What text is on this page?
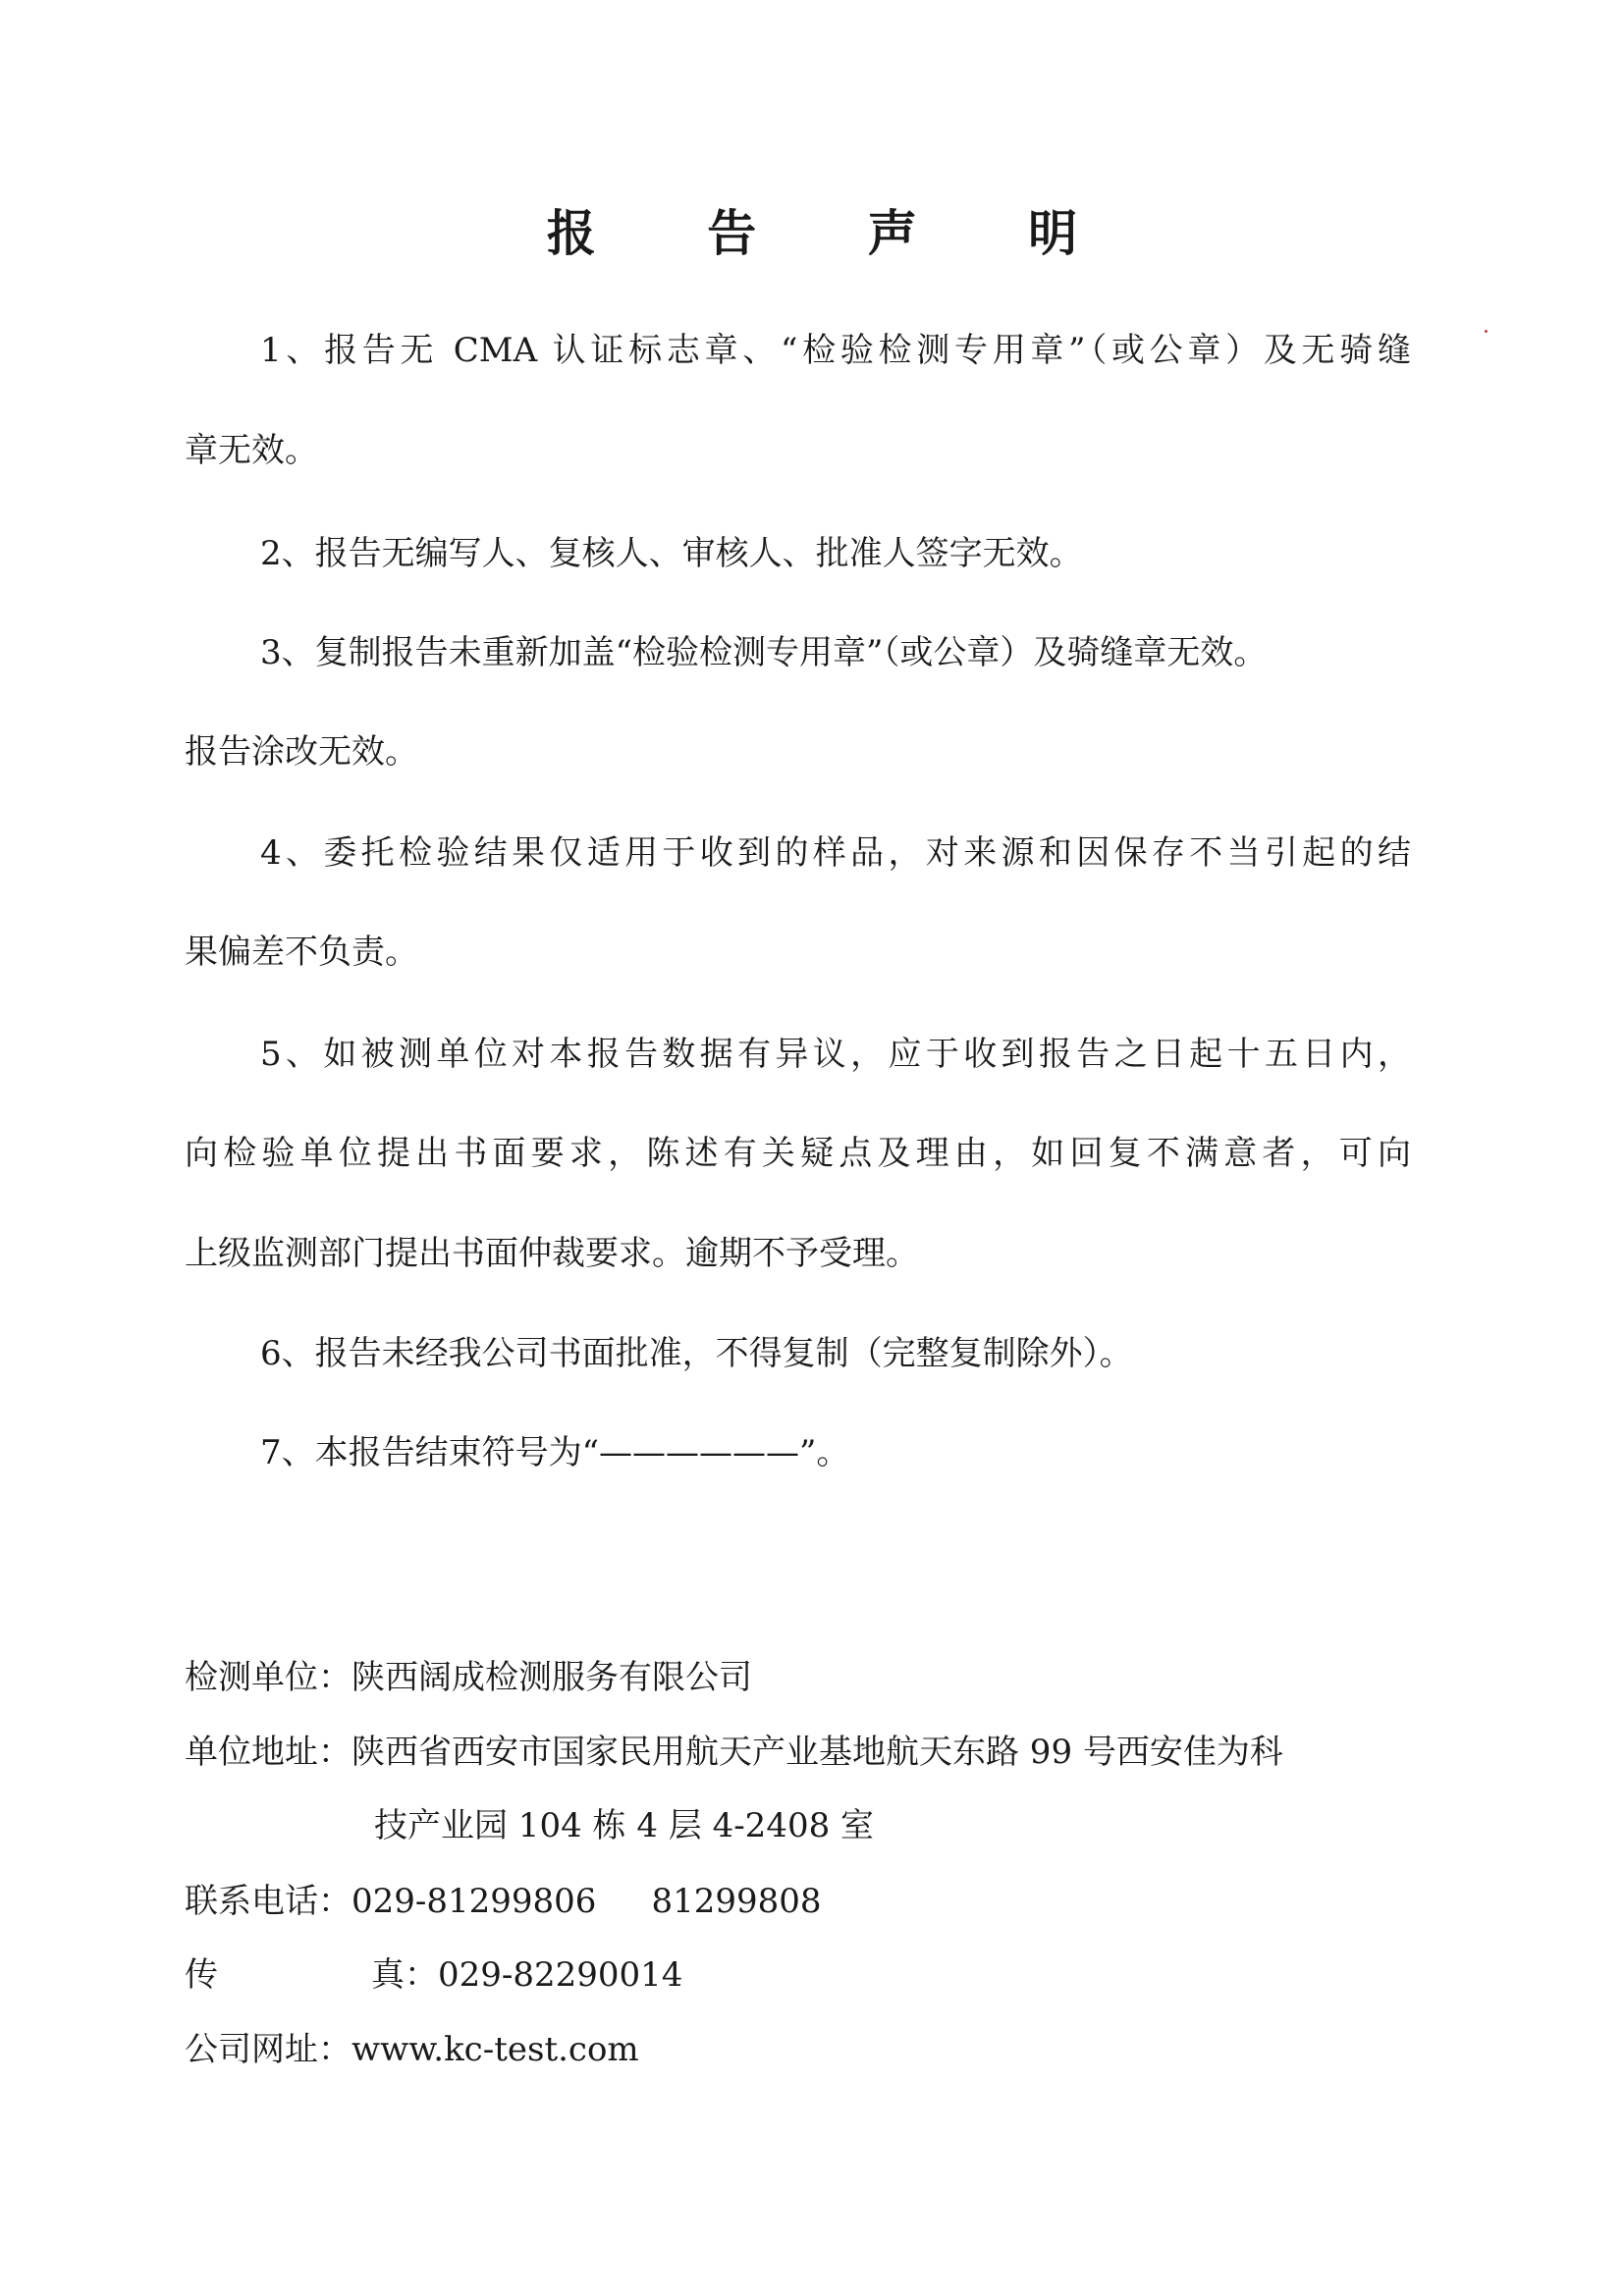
报 告 声 明
1、报告无 CMA 认证标志章、“检验检测专用章”（或公章）及无骑缝
章无效。
2、报告无编写人、复核人、审核人、批准人签字无效。
3、复制报告未重新加盖“检验检测专用章”（或公章）及骑缝章无效。
报告涂改无效。
4、委托检验结果仅适用于收到的样品，对来源和因保存不当引起的结
果偏差不负责。
5、如被测单位对本报告数据有异议，应于收到报告之日起十五日内，
向检验单位提出书面要求，陈述有关疑点及理由，如回复不满意者，可向
上级监测部门提出书面仲裁要求。逾期不予受理。
6、报告未经我公司书面批准，不得复制（完整复制除外）。
7、本报告结束符号为“——————”。
检测单位：陕西阔成检测服务有限公司
单位地址：陕西省西安市国家民用航天产业基地航天东路 99 号西安佳为科
技产业园 104 栋 4 层 4-2408 室
联系电话：029-81299806 81299808
传	真：029-82290014
公司网址：www.kc-test.com
